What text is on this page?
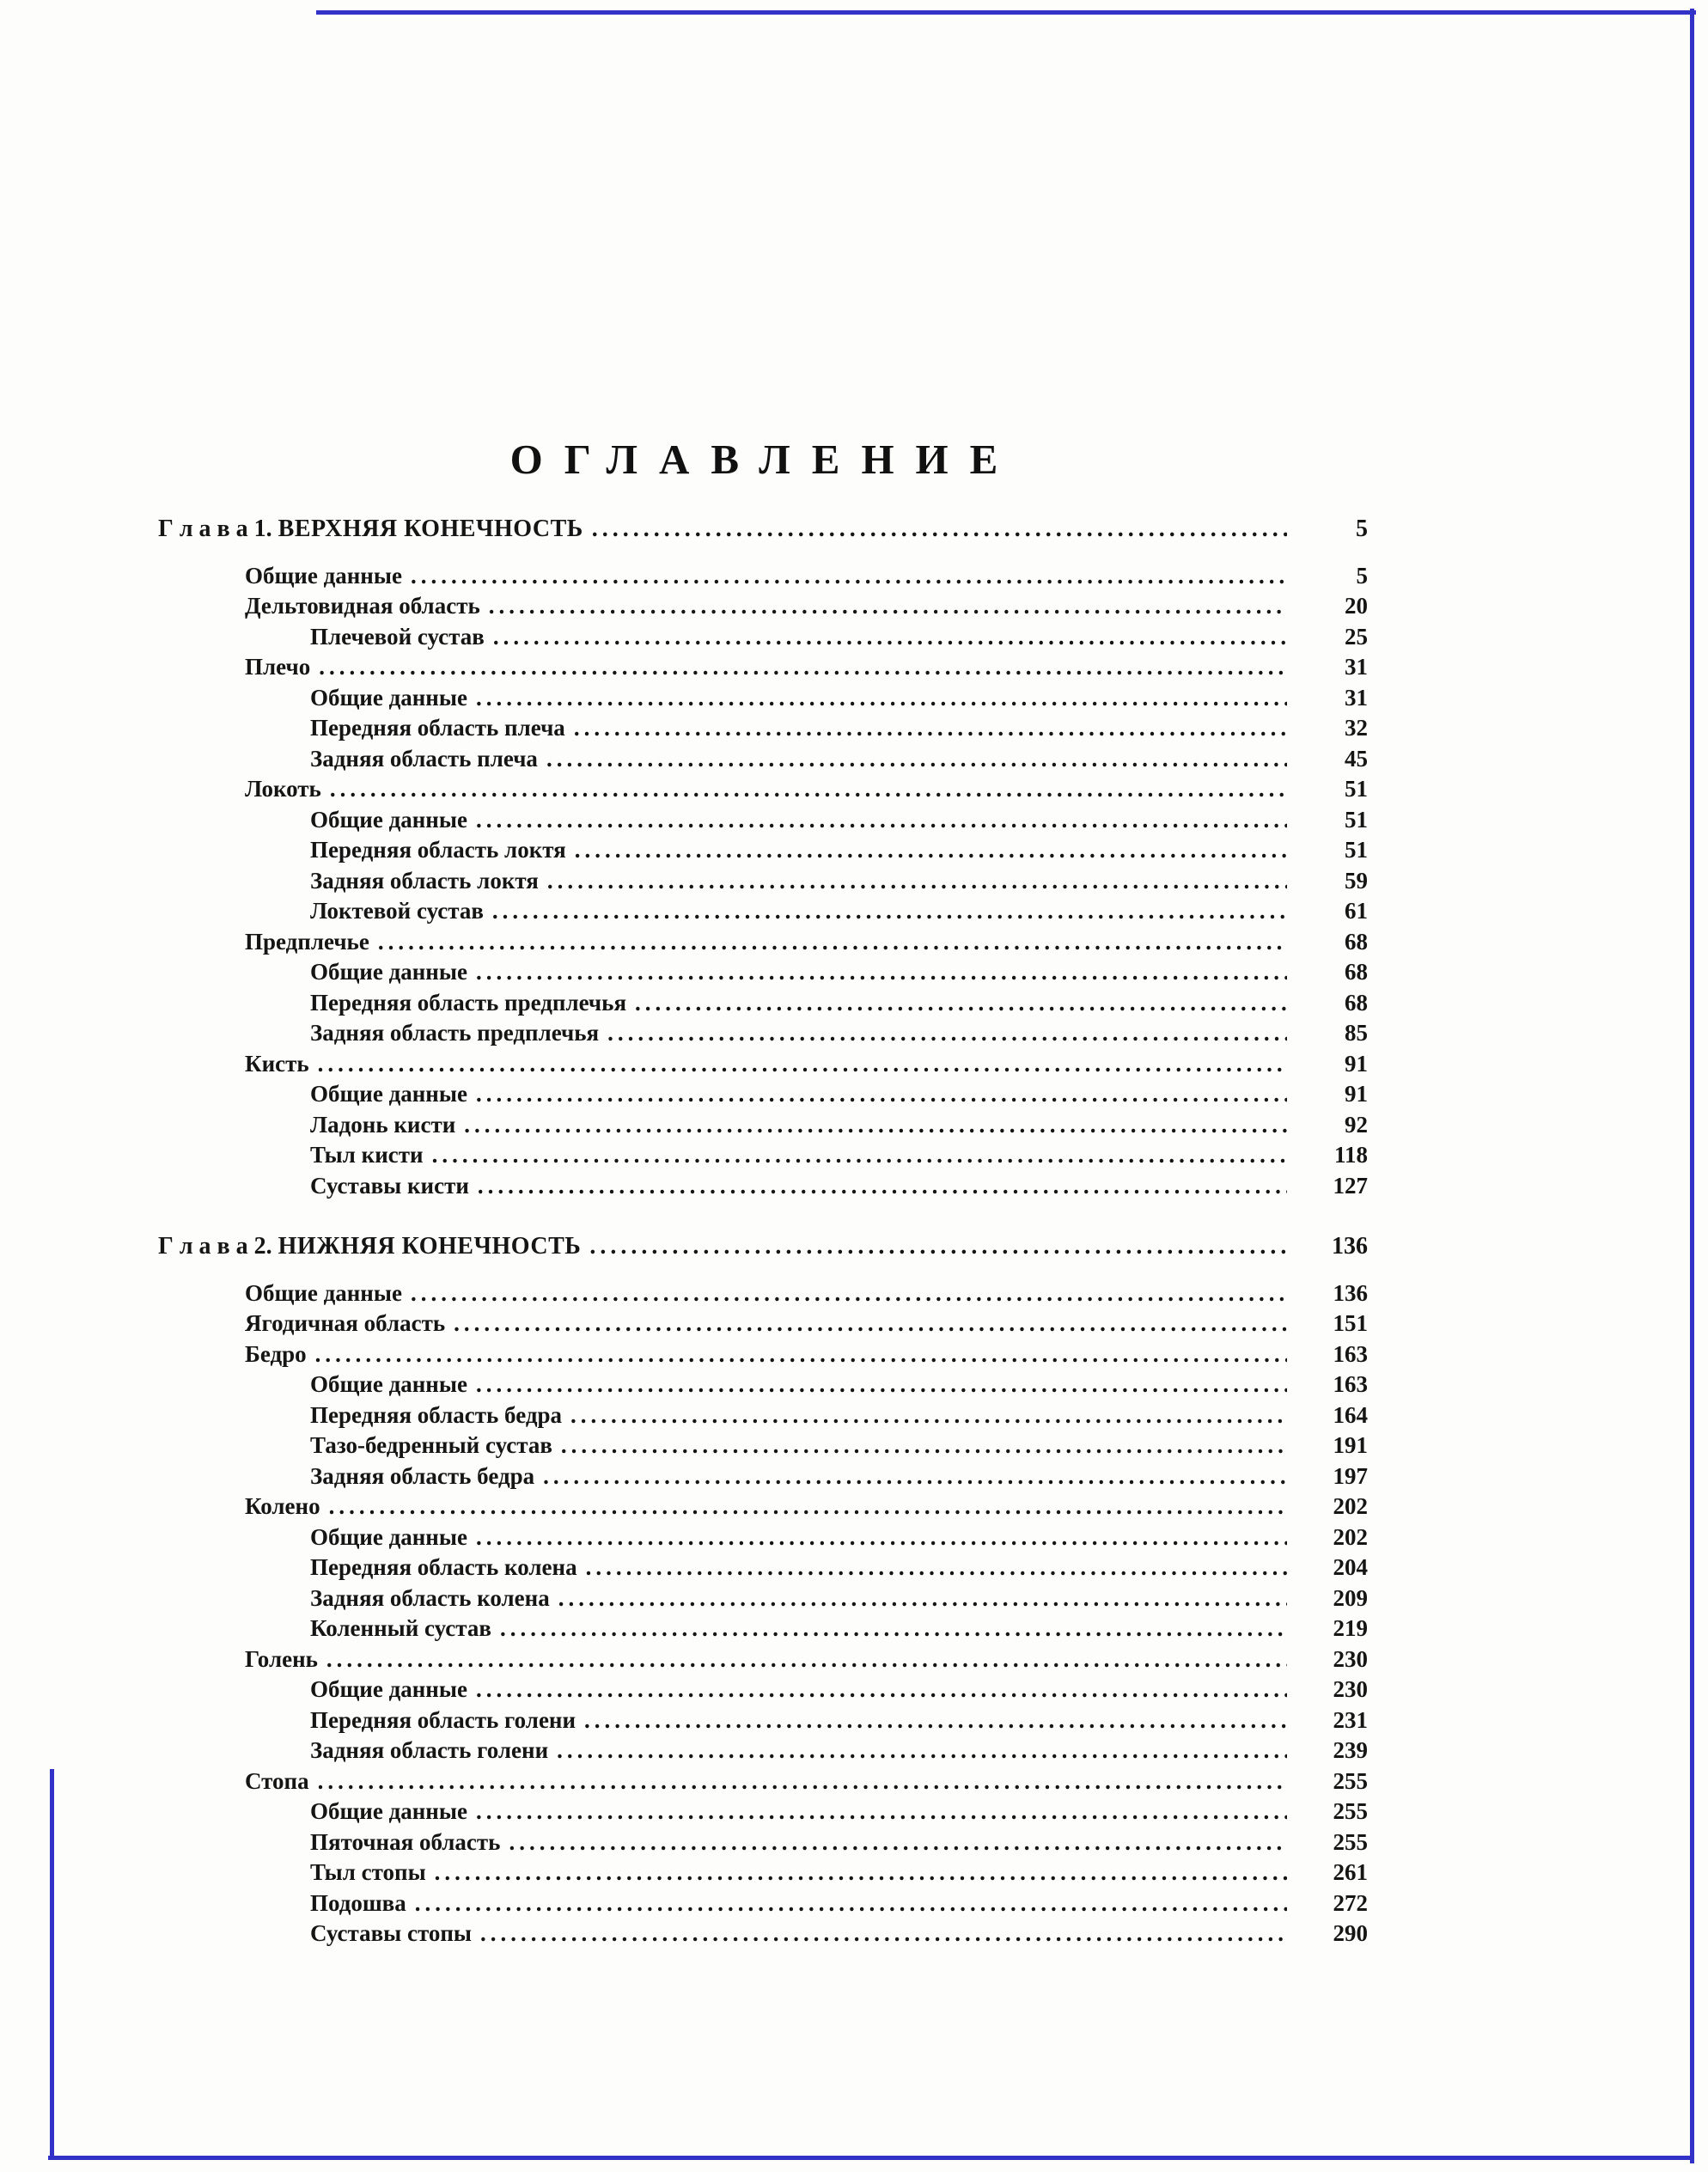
ОГЛАВЛЕНИЕ
Г л а в а 1. ВЕРХНЯЯ КОНЕЧНОСТЬ .....	5
Общие данные .....	5
Дельтовидная область .....	20
Плечевой сустав .....	25
Плечо .....	31
Общие данные .....	31
Передняя область плеча .....	32
Задняя область плеча .....	45
Локоть .....	51
Общие данные .....	51
Передняя область локтя .....	51
Задняя область локтя .....	59
Локтевой сустав .....	61
Предплечье .....	68
Общие данные .....	68
Передняя область предплечья .....	68
Задняя область предплечья .....	85
Кисть .....	91
Общие данные .....	91
Ладонь кисти .....	92
Тыл кисти .....	118
Суставы кисти .....	127
Г л а в а 2. НИЖНЯЯ КОНЕЧНОСТЬ .....	136
Общие данные .....	136
Ягодичная область .....	151
Бедро .....	163
Общие данные .....	163
Передняя область бедра .....	164
Тазо-бедренный сустав .....	191
Задняя область бедра .....	197
Колено .....	202
Общие данные .....	202
Передняя область колена .....	204
Задняя область колена .....	209
Коленный сустав .....	219
Голень .....	230
Общие данные .....	230
Передняя область голени .....	231
Задняя область голени .....	239
Стопа .....	255
Общие данные .....	255
Пяточная область .....	255
Тыл стопы .....	261
Подошва .....	272
Суставы стопы .....	290
